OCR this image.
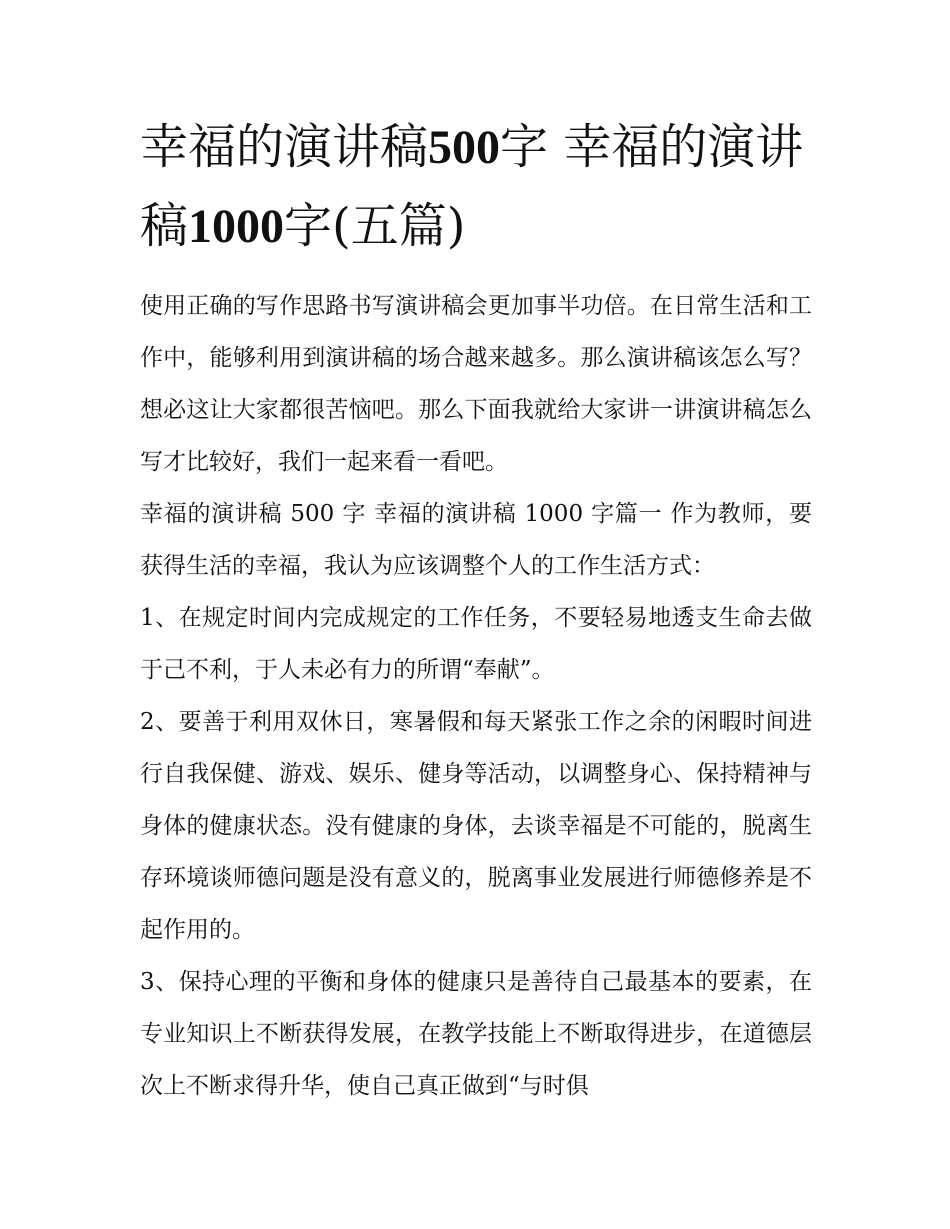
幸福的演讲稿500字 幸福的演讲稿1000字(五篇)

使用正确的写作思路书写演讲稿会更加事半功倍。在日常生活和工作中，能够利用到演讲稿的场合越来越多。那么演讲稿该怎么写？想必这让大家都很苦恼吧。那么下面我就给大家讲一讲演讲稿怎么写才比较好，我们一起来看一看吧。

幸福的演讲稿 500 字 幸福的演讲稿 1000 字篇一 作为教师，要获得生活的幸福，我认为应该调整个人的工作生活方式：

1、在规定时间内完成规定的工作任务，不要轻易地透支生命去做于己不利，于人未必有力的所谓“奉献”。

2、要善于利用双休日，寒暑假和每天紧张工作之余的闲暇时间进行自我保健、游戏、娱乐、健身等活动，以调整身心、保持精神与身体的健康状态。没有健康的身体，去谈幸福是不可能的，脱离生存环境谈师德问题是没有意义的，脱离事业发展进行师德修养是不起作用的。

3、保持心理的平衡和身体的健康只是善待自己最基本的要素，在专业知识上不断获得发展，在教学技能上不断取得进步，在道德层次上不断求得升华，使自己真正做到“与时俱
